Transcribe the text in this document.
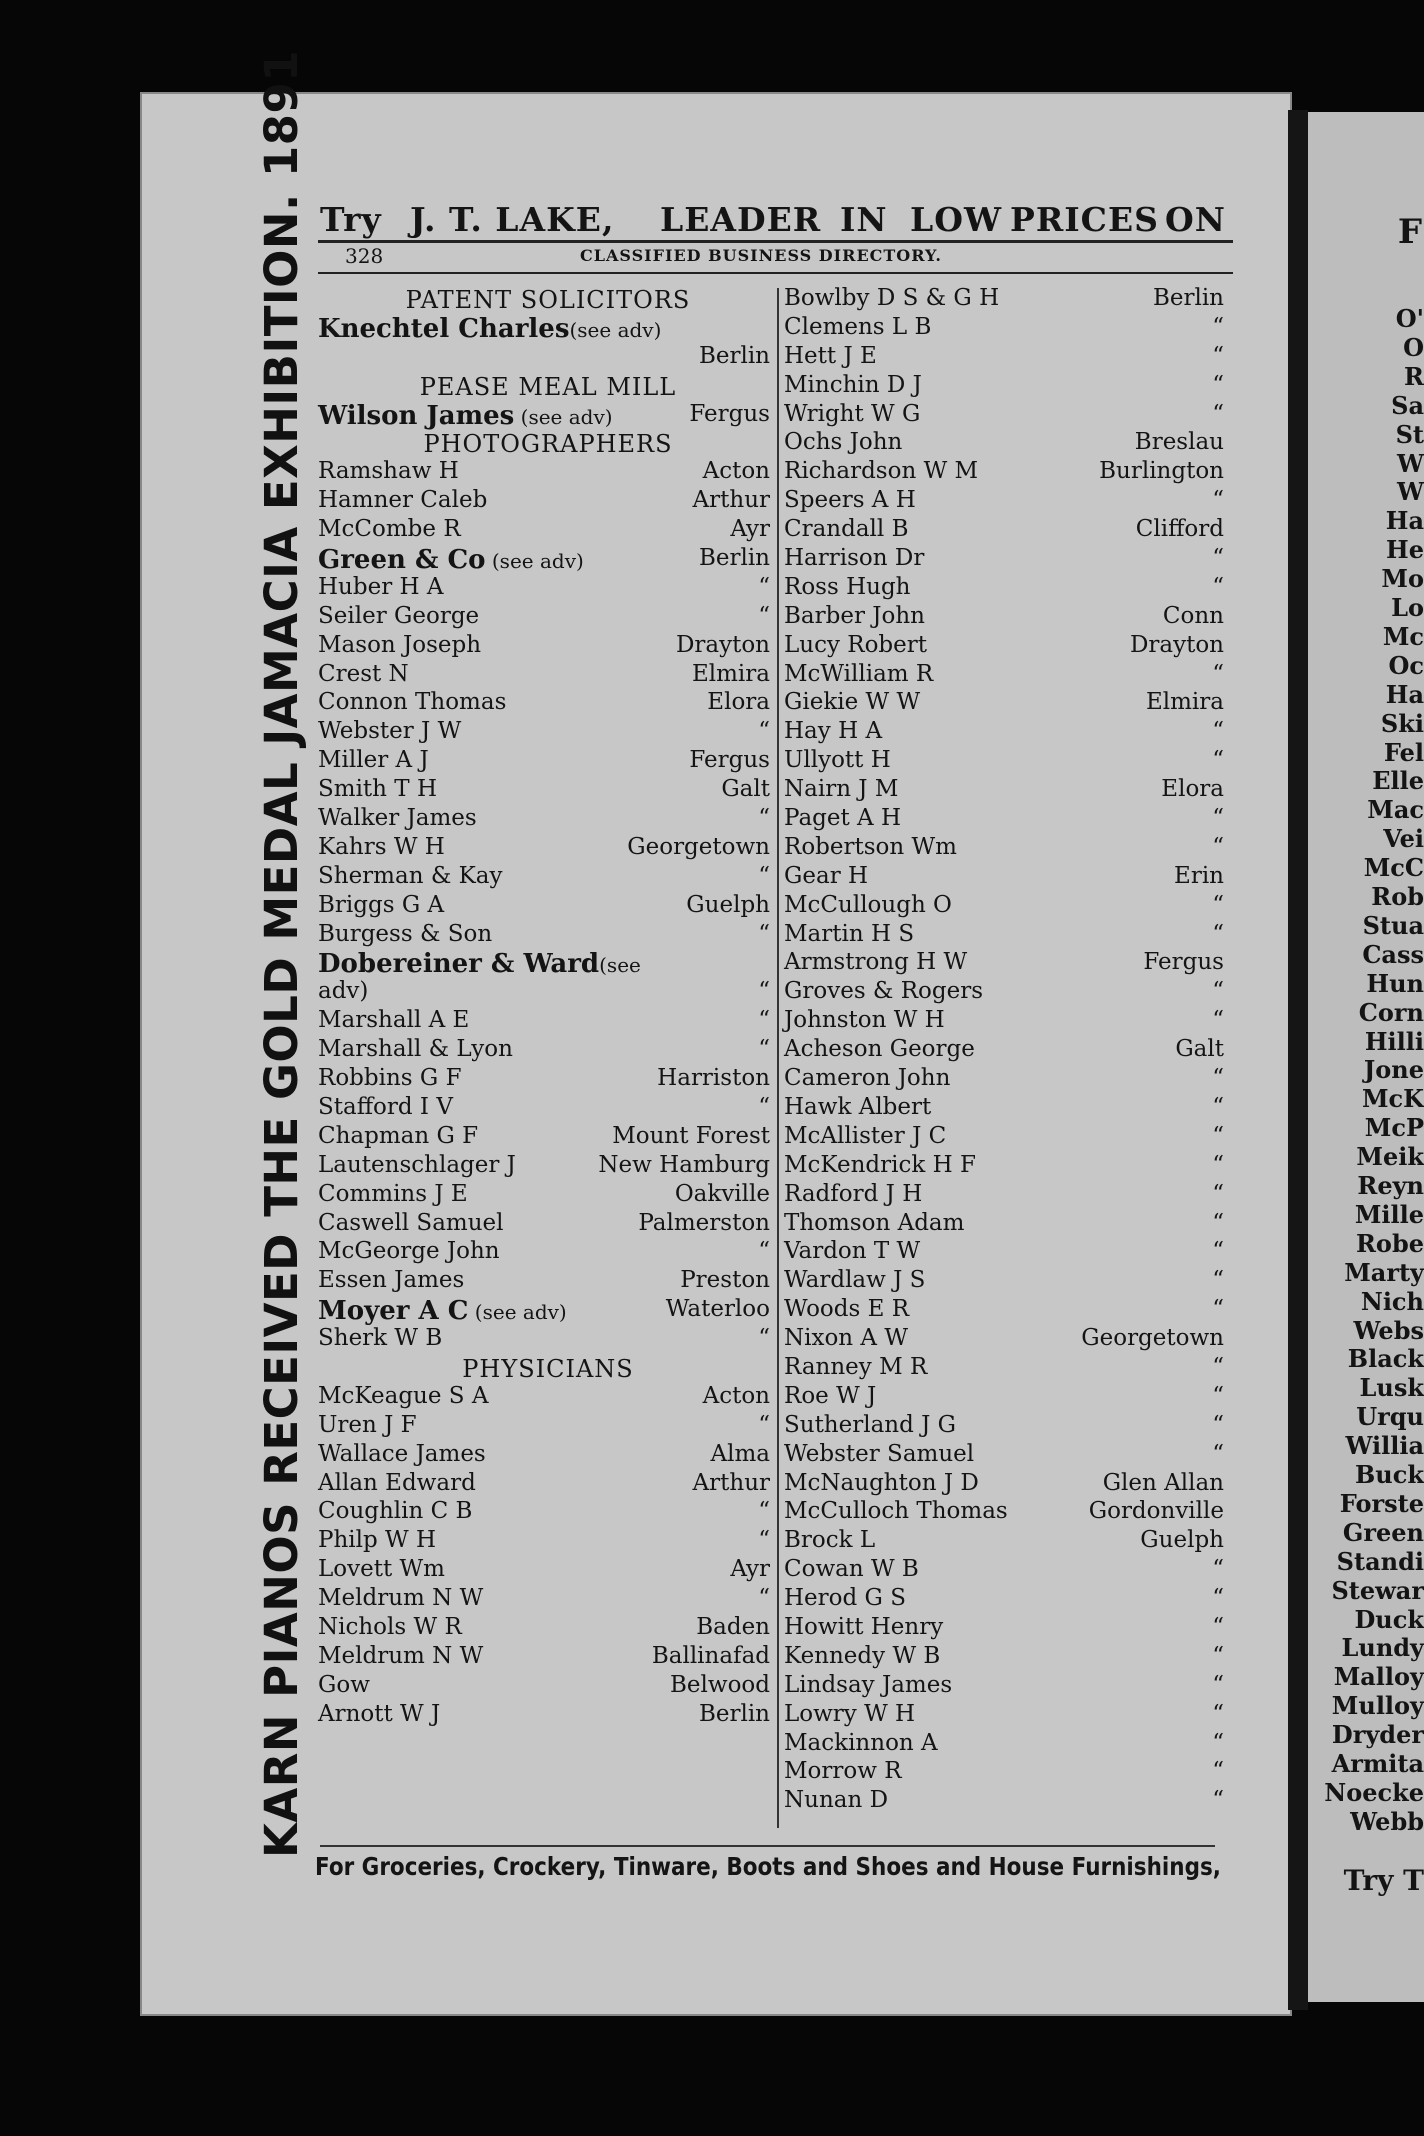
F
Try T
O'
O
R
Sa
St
W
W
Ha
He
Mo
Lo
Mc
Oc
Ha
Ski
Fel
Elle
Mac
Vei
McC
Rob
Stua
Cass
Hun
Corn
Hilli
Jone
McK
McP
Meik
Reyn
Mille
Robe
Marty
Nich
Webs
Black
Lusk
Urqu
Willia
Buck
Forste
Green
Standi
Stewar
Duck
Lundy
Malloy
Mulloy
Dryder
Armita
Noecke
Webb
Try J. T. LAKE, LEADER IN LOW PRICES ON
328	CLASSIFIED BUSINESS DIRECTORY.
KARN PIANOS RECEIVED THE GOLD MEDAL JAMACIA EXHIBITION. 1891	PATENT SOLICITORS
Knechtel Charles(see adv)
Berlin
PEASE MEAL MILL
Wilson James (see adv)	Fergus
PHOTOGRAPHERS
Ramshaw H	Acton
Hamner Caleb	Arthur
McCombe R	Ayr
Green & Co (see adv)	Berlin
Huber H A	“
Seiler George	“
Mason Joseph	Drayton
Crest N	Elmira
Connon Thomas	Elora
Webster J W	“
Miller A J	Fergus
Smith T H	Galt
Walker James	“
Kahrs W H	Georgetown
Sherman & Kay	“
Briggs G A	Guelph
Burgess & Son	“
Dobereiner & Ward(see
adv)	“
Marshall A E	“
Marshall & Lyon	“
Robbins G F	Harriston
Stafford I V	“
Chapman G F	Mount Forest
Lautenschlager J	New Hamburg
Commins J E	Oakville
Caswell Samuel	Palmerston
McGeorge John	“
Essen James	Preston
Moyer A C (see adv)	Waterloo
Sherk W B	“
PHYSICIANS
McKeague S A	Acton
Uren J F	“
Wallace James	Alma
Allan Edward	Arthur
Coughlin C B	“
Philp W H	“
Lovett Wm	Ayr
Meldrum N W	“
Nichols W R	Baden
Meldrum N W	Ballinafad
Gow	Belwood
Arnott W J	Berlin
Bowlby D S & G H	Berlin
Clemens L B	“
Hett J E	“
Minchin D J	“
Wright W G	“
Ochs John	Breslau
Richardson W M	Burlington
Speers A H	“
Crandall B	Clifford
Harrison Dr	“
Ross Hugh	“
Barber John	Conn
Lucy Robert	Drayton
McWilliam R	“
Giekie W W	Elmira
Hay H A	“
Ullyott H	“
Nairn J M	Elora
Paget A H	“
Robertson Wm	“
Gear H	Erin
McCullough O	“
Martin H S	“
Armstrong H W	Fergus
Groves & Rogers	“
Johnston W H	“
Acheson George	Galt
Cameron John	“
Hawk Albert	“
McAllister J C	“
McKendrick H F	“
Radford J H	“
Thomson Adam	“
Vardon T W	“
Wardlaw J S	“
Woods E R	“
Nixon A W	Georgetown
Ranney M R	“
Roe W J	“
Sutherland J G	“
Webster Samuel	“
McNaughton J D	Glen Allan
McCulloch Thomas	Gordonville
Brock L	Guelph
Cowan W B	“
Herod G S	“
Howitt Henry	“
Kennedy W B	“
Lindsay James	“
Lowry W H	“
Mackinnon A	“
Morrow R	“
Nunan D	“
For Groceries, Crockery, Tinware, Boots and Shoes and House Furnishings,
